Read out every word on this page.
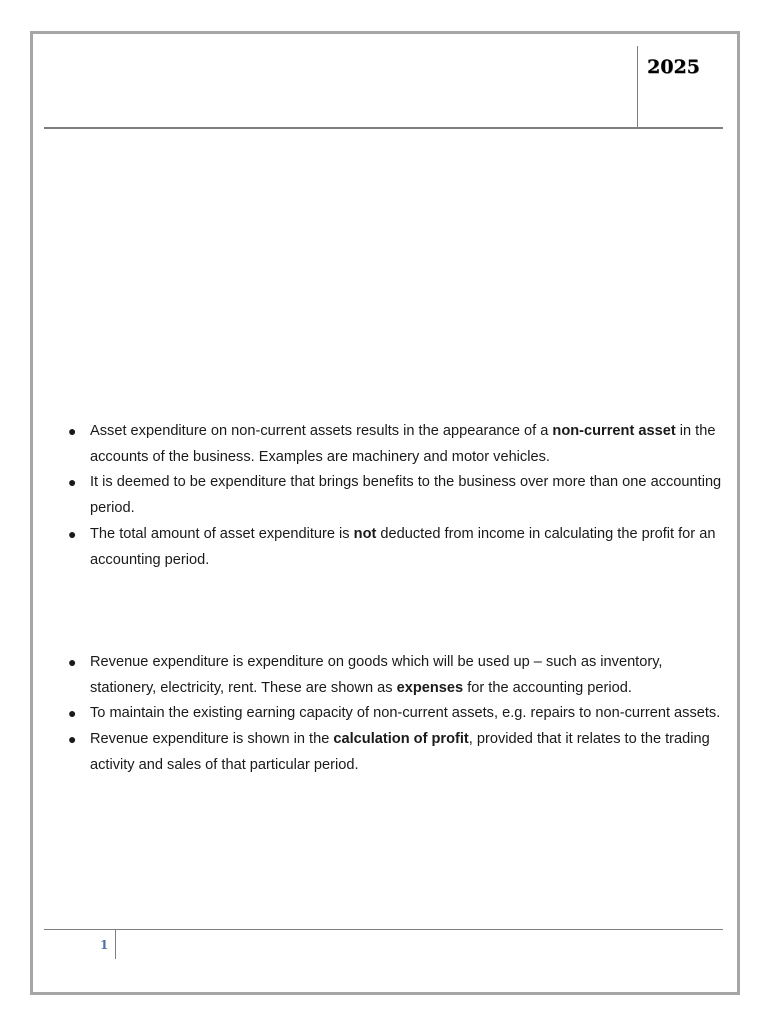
2025
● Asset expenditure on non-current assets results in the appearance of a non-current asset in the accounts of the business. Examples are machinery and motor vehicles.
● It is deemed to be expenditure that brings benefits to the business over more than one accounting period.
● The total amount of asset expenditure is not deducted from income in calculating the profit for an accounting period.
● Revenue expenditure is expenditure on goods which will be used up – such as inventory, stationery, electricity, rent. These are shown as expenses for the accounting period.
● To maintain the existing earning capacity of non-current assets, e.g. repairs to non-current assets.
● Revenue expenditure is shown in the calculation of profit, provided that it relates to the trading activity and sales of that particular period.
1
